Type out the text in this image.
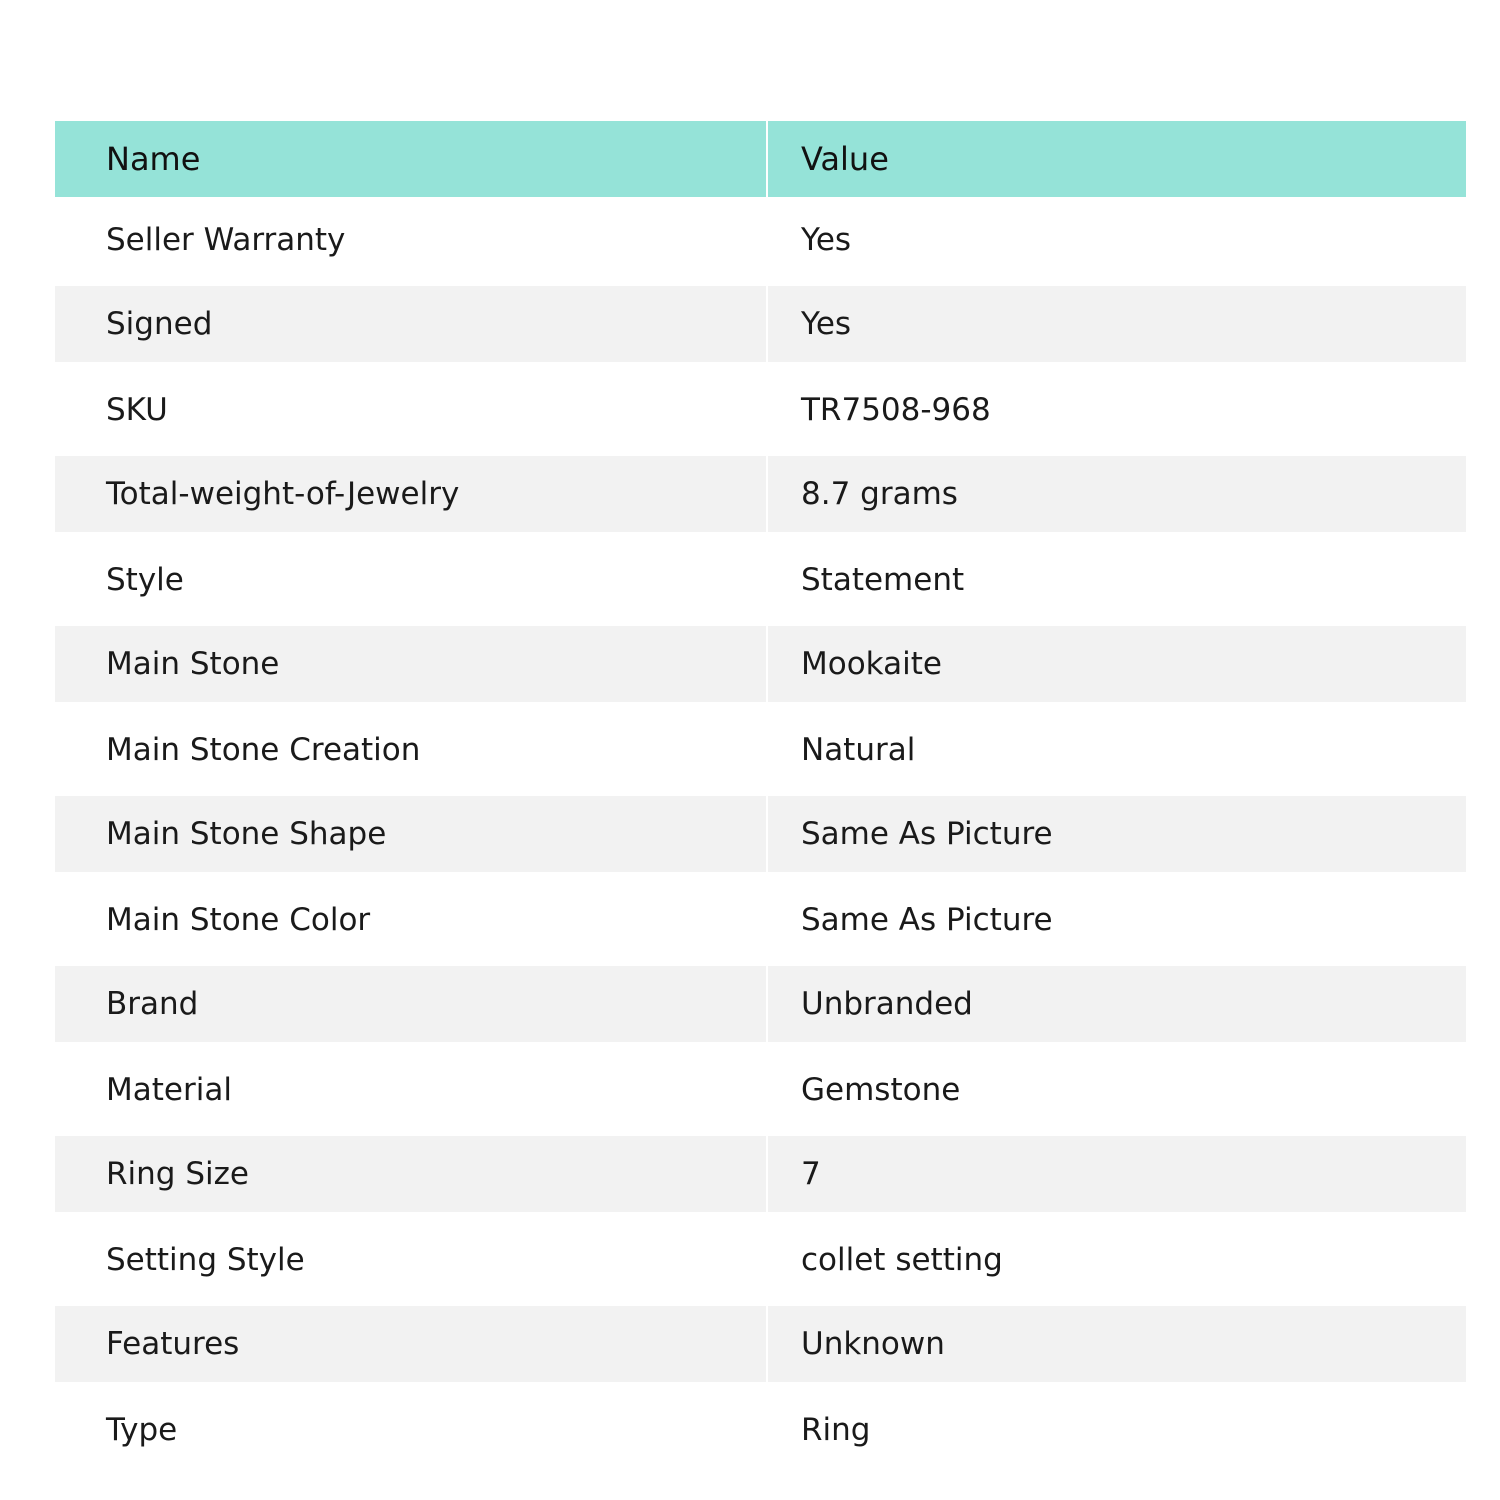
Name	Value
Seller Warranty	Yes
Signed	Yes
SKU	TR7508-968
Total-weight-of-Jewelry	8.7 grams
Style	Statement
Main Stone	Mookaite
Main Stone Creation	Natural
Main Stone Shape	Same As Picture
Main Stone Color	Same As Picture
Brand	Unbranded
Material	Gemstone
Ring Size	7
Setting Style	collet setting
Features	Unknown
Type	Ring
